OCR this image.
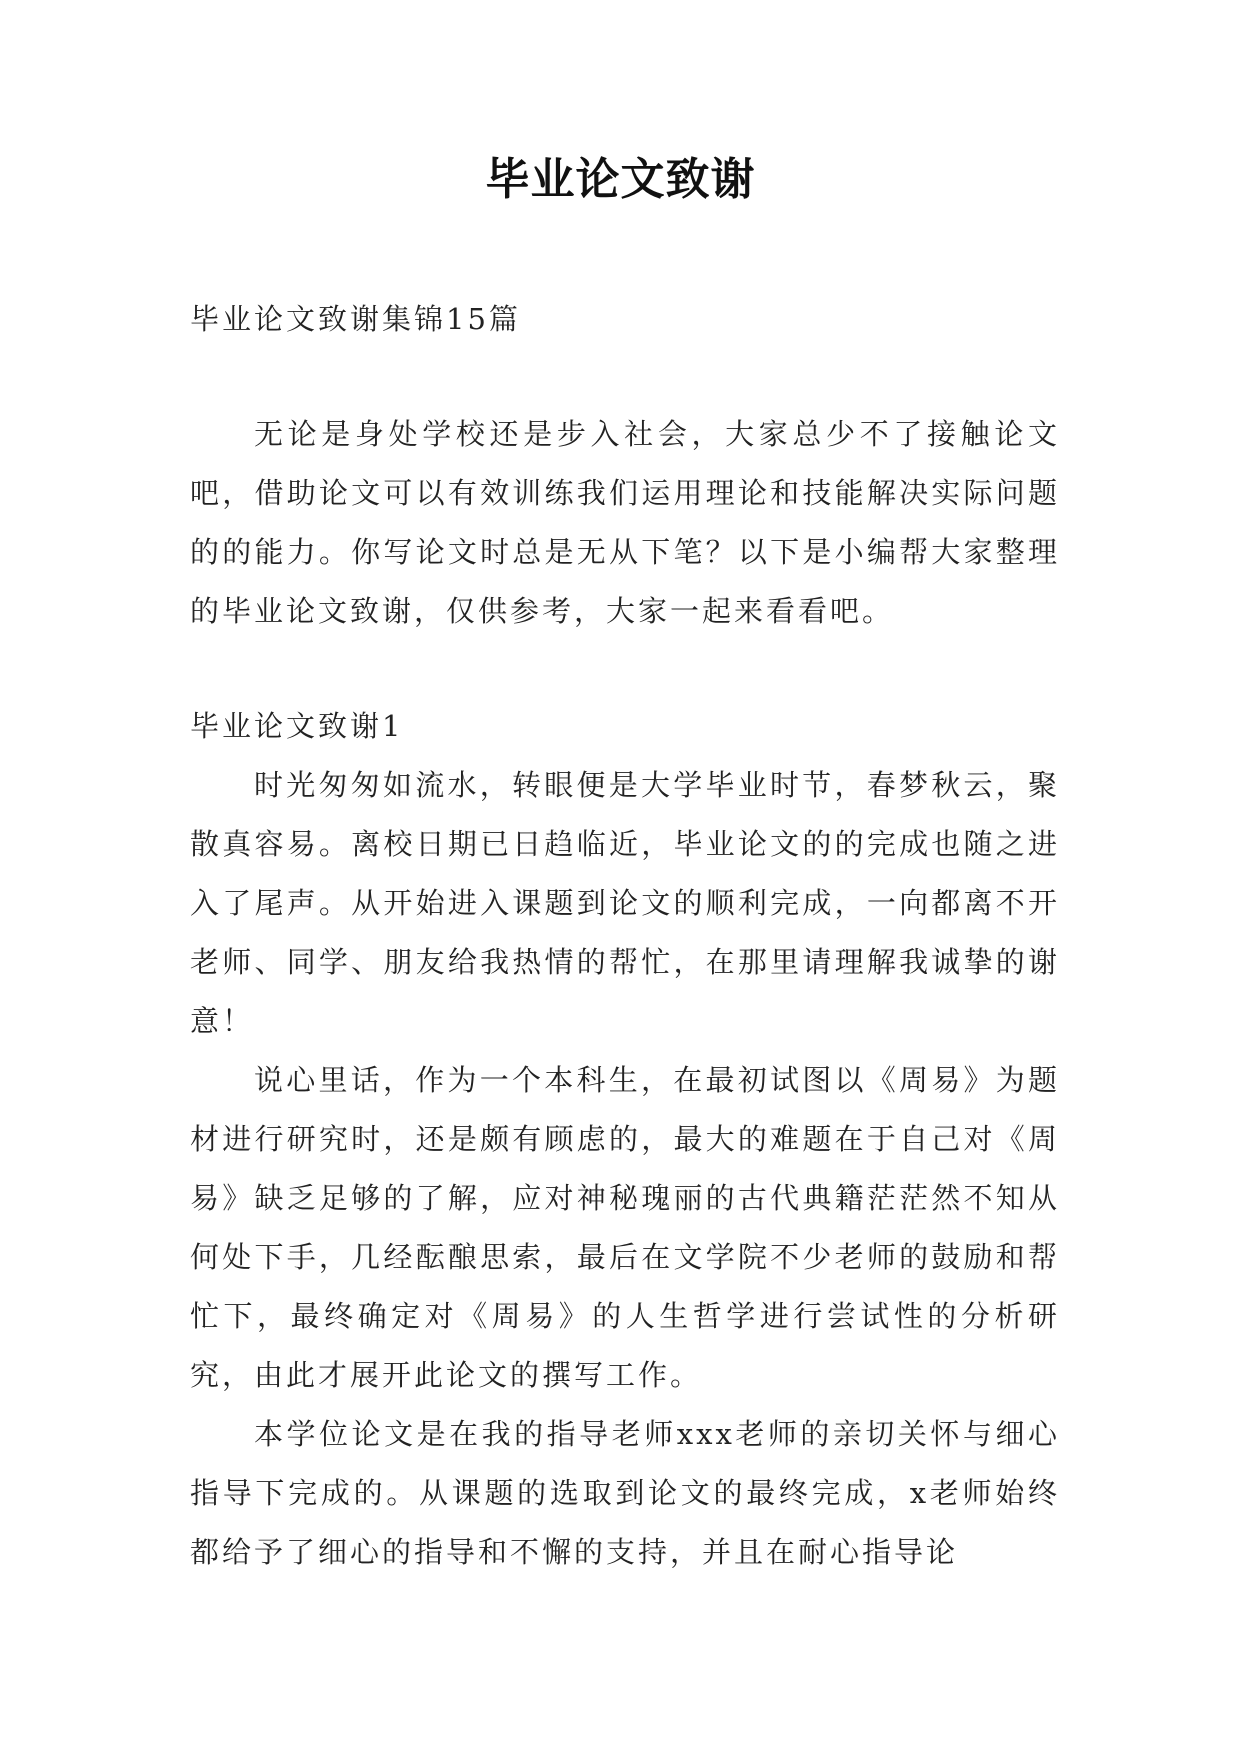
毕业论文致谢

毕业论文致谢集锦15篇

无论是身处学校还是步入社会，大家总少不了接触论文吧，借助论文可以有效训练我们运用理论和技能解决实际问题的的能力。你写论文时总是无从下笔？以下是小编帮大家整理的毕业论文致谢，仅供参考，大家一起来看看吧。

毕业论文致谢1

时光匆匆如流水，转眼便是大学毕业时节，春梦秋云，聚散真容易。离校日期已日趋临近，毕业论文的的完成也随之进入了尾声。从开始进入课题到论文的顺利完成，一向都离不开老师、同学、朋友给我热情的帮忙，在那里请理解我诚挚的谢意！

说心里话，作为一个本科生，在最初试图以《周易》为题材进行研究时，还是颇有顾虑的，最大的难题在于自己对《周易》缺乏足够的了解，应对神秘瑰丽的古代典籍茫茫然不知从何处下手，几经酝酿思索，最后在文学院不少老师的鼓励和帮忙下，最终确定对《周易》的人生哲学进行尝试性的分析研究，由此才展开此论文的撰写工作。

本学位论文是在我的指导老师xxx老师的亲切关怀与细心指导下完成的。从课题的选取到论文的最终完成，x老师始终都给予了细心的指导和不懈的支持，并且在耐心指导论
